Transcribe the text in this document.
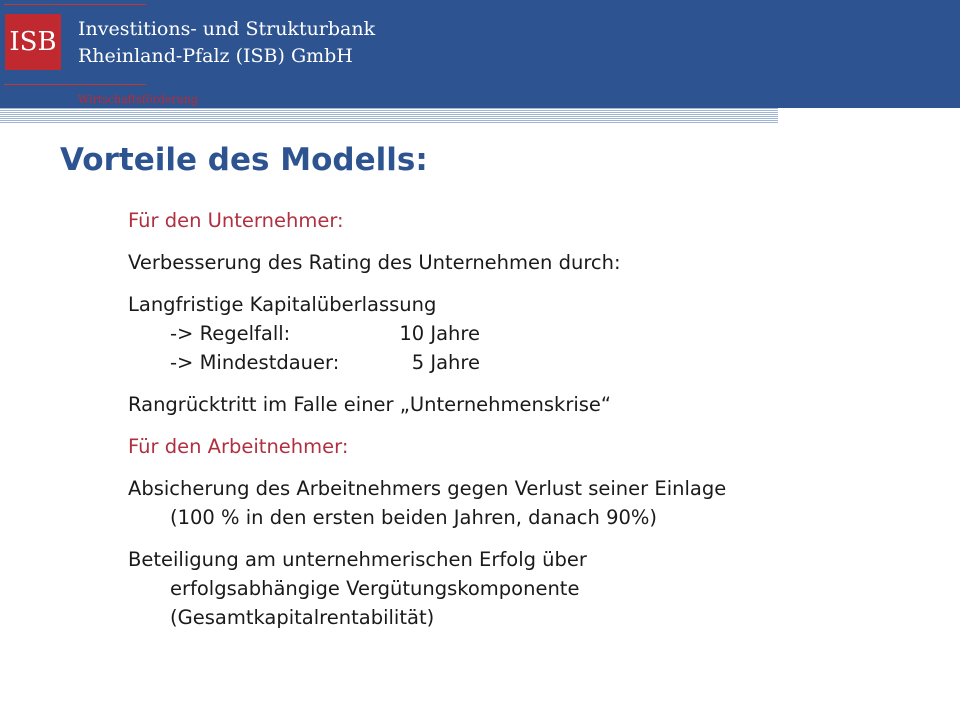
ISB Investitions- und Strukturbank
Rheinland-Pfalz (ISB) GmbH
Wirtschaftsförderung
Vorteile des Modells:

Für den Unternehmer:

Verbesserung des Rating des Unternehmen durch:

Langfristige Kapitalüberlassung
-> Regelfall:	10 Jahre
-> Mindestdauer:	5 Jahre

Rangrücktritt im Falle einer „Unternehmenskrise“

Für den Arbeitnehmer:

Absicherung des Arbeitnehmers gegen Verlust seiner Einlage
(100 % in den ersten beiden Jahren, danach 90%)
Beteiligung am unternehmerischen Erfolg über
erfolgsabhängige Vergütungskomponente
(Gesamtkapitalrentabilität)
